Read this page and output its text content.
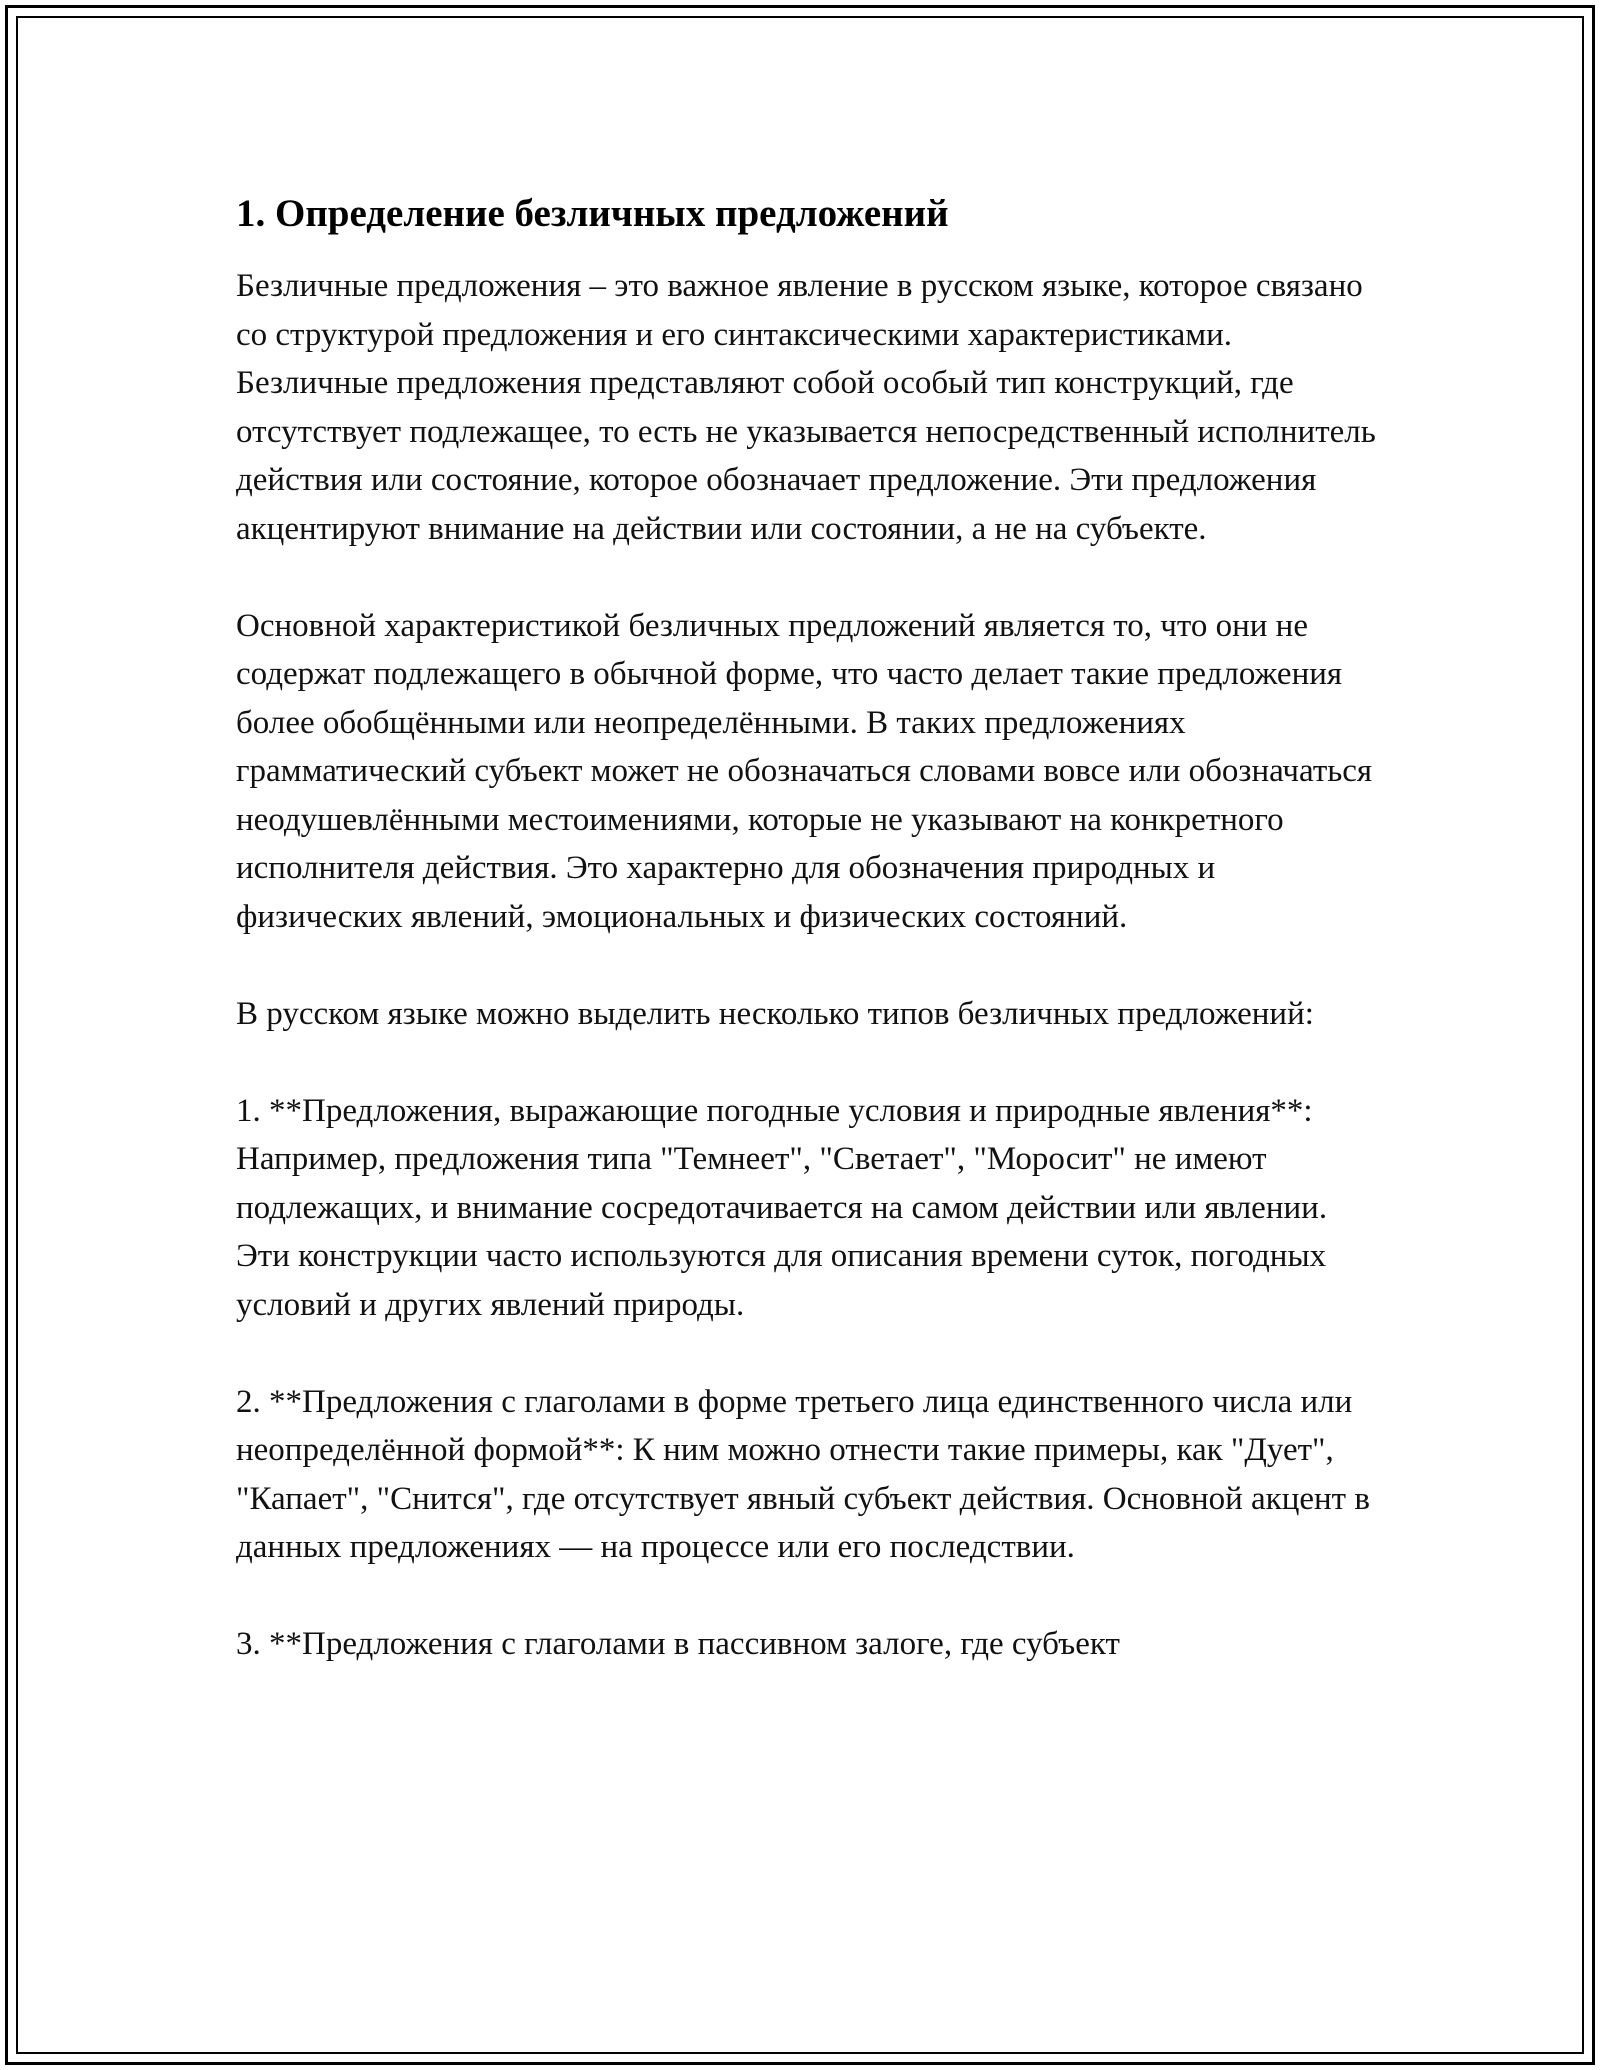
1. Определение безличных предложений

Безличные предложения – это важное явление в русском языке, которое связано со структурой предложения и его синтаксическими характеристиками. Безличные предложения представляют собой особый тип конструкций, где отсутствует подлежащее, то есть не указывается непосредственный исполнитель действия или состояние, которое обозначает предложение. Эти предложения акцентируют внимание на действии или состоянии, а не на субъекте.

Основной характеристикой безличных предложений является то, что они не содержат подлежащего в обычной форме, что часто делает такие предложения более обобщёнными или неопределёнными. В таких предложениях грамматический субъект может не обозначаться словами вовсе или обозначаться неодушевлёнными местоимениями, которые не указывают на конкретного исполнителя действия. Это характерно для обозначения природных и физических явлений, эмоциональных и физических состояний.

В русском языке можно выделить несколько типов безличных предложений:

1. **Предложения, выражающие погодные условия и природные явления**: Например, предложения типа "Темнеет", "Светает", "Моросит" не имеют подлежащих, и внимание сосредотачивается на самом действии или явлении. Эти конструкции часто используются для описания времени суток, погодных условий и других явлений природы.

2. **Предложения с глаголами в форме третьего лица единственного числа или неопределённой формой**: К ним можно отнести такие примеры, как "Дует", "Капает", "Снится", где отсутствует явный субъект действия. Основной акцент в данных предложениях — на процессе или его последствии.

3. **Предложения с глаголами в пассивном залоге, где субъект
